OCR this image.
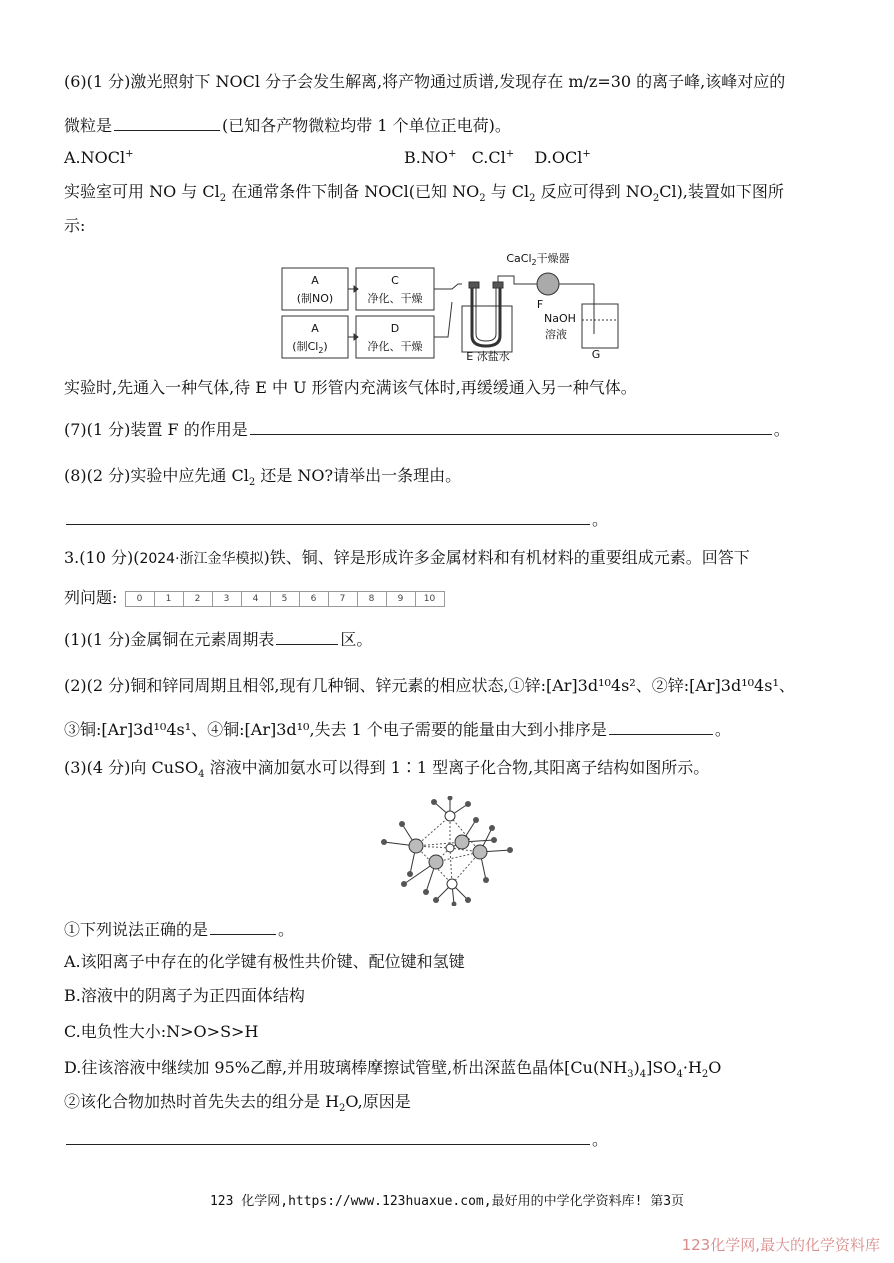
(6)(1 分)激光照射下 NOCl 分子会发生解离,将产物通过质谱,发现存在 m/z=30 的离子峰,该峰对应的
微粒是	(已知各产物微粒均带 1 个单位正电荷)。
A.NOCl+	B.NO+ C.Cl+ D.OCl+
实验室可用 NO 与 $Cl_2$ 在通常条件下制备 NOCl(已知 $NO_2$ 与 $Cl_2$ 反应可得到 $NO_2Cl$),装置如下图所
示:
A
(制NO)
C
净化、干燥
A
(制$Cl_2$)
D
净化、干燥
CaCl$_2$干燥器
F
NaOH
溶液
G
E 冰盐水
实验时,先通入一种气体,待 E 中 U 形管内充满该气体时,再缓缓通入另一种气体。
(7)(1 分)装置 F 的作用是	。
(8)(2 分)实验中应先通 $Cl_2$ 还是 NO?请举出一条理由。
。
3.(10 分)(2024·浙江金华模拟)铁、铜、锌是形成许多金属材料和有机材料的重要组成元素。回答下
列问题:	0	1	2	3	4	5	6	7	8	9	10
(1)(1 分)金属铜在元素周期表	区。
(2)(2 分)铜和锌同周期且相邻,现有几种铜、锌元素的相应状态,①锌:[Ar]3d¹⁰4s²、②锌:[Ar]3d¹⁰4s¹、
③铜:[Ar]3d¹⁰4s¹、④铜:[Ar]3d¹⁰,失去 1 个电子需要的能量由大到小排序是	。
(3)(4 分)向 CuSO$_4$ 溶液中滴加氨水可以得到 1∶1 型离子化合物,其阳离子结构如图所示。
①下列说法正确的是	。
A.该阳离子中存在的化学键有极性共价键、配位键和氢键
B.溶液中的阴离子为正四面体结构
C.电负性大小:N>O>S>H
D.往该溶液中继续加 95%乙醇,并用玻璃棒摩擦试管壁,析出深蓝色晶体$[Cu(NH_3)_4]SO_4\cdot H_2O$
②该化合物加热时首先失去的组分是 $H_2O$,原因是
。
123 化学网,https://www.123huaxue.com,最好用的中学化学资料库! 第3页
123化学网,最大的化学资料库
